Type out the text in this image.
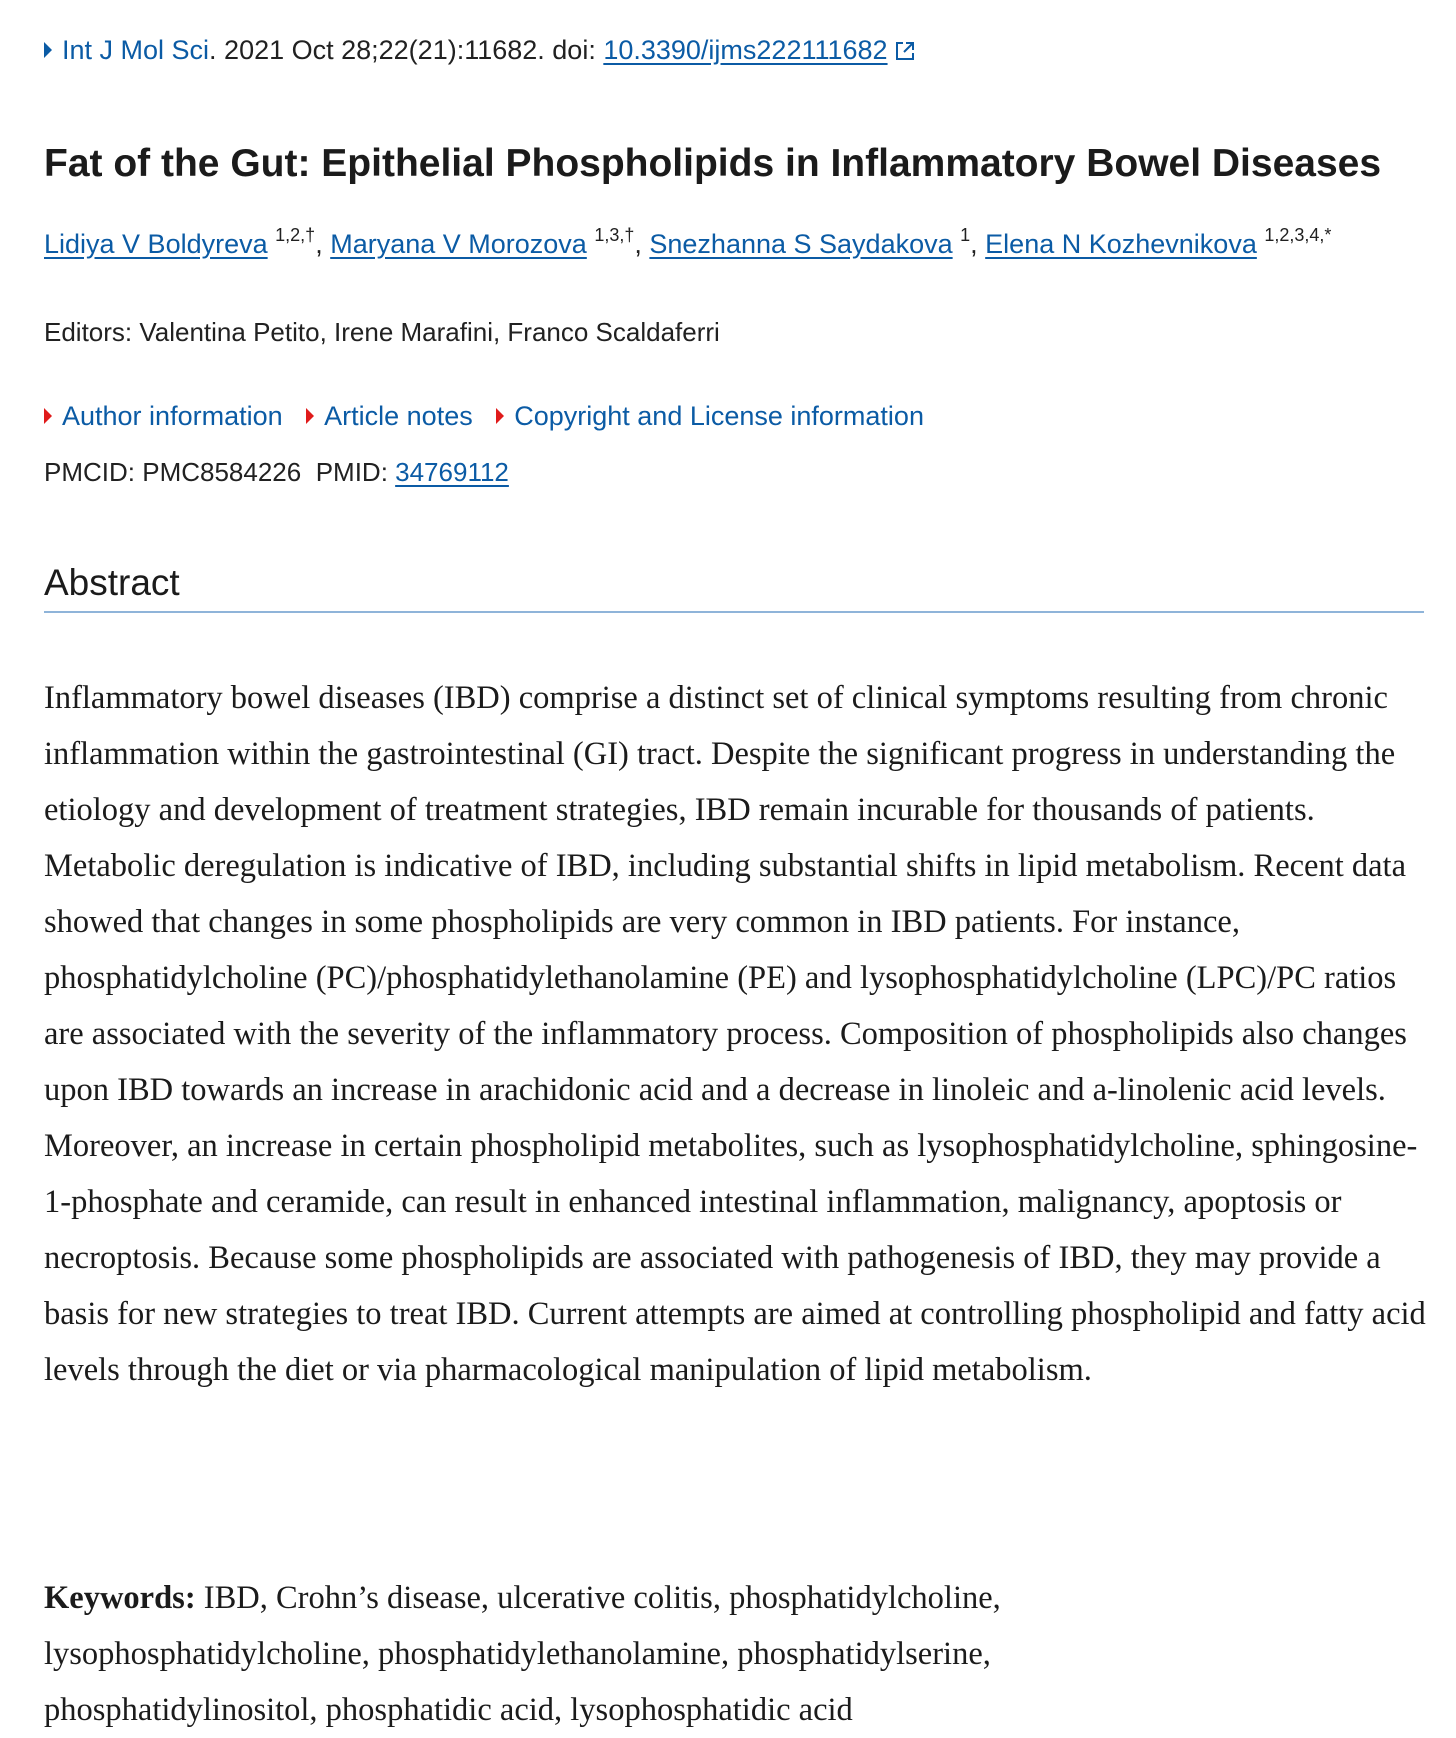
Int J Mol Sci. 2021 Oct 28;22(21):11682. doi: 10.3390/ijms222111682
Fat of the Gut: Epithelial Phospholipids in Inflammatory Bowel Diseases
Lidiya V Boldyreva $^{1,2,\dagger}$, Maryana V Morozova $^{1,3,\dagger}$, Snezhanna S Saydakova $^1$, Elena N Kozhevnikova $^{1,2,3,4,*}$
Editors: Valentina Petito, Irene Marafini, Franco Scaldaferri
Author information Article notes Copyright and License information
PMCID: PMC8584226 PMID: 34769112
Abstract

Inflammatory bowel diseases (IBD) comprise a distinct set of clinical symptoms resulting from chronic inflammation within the gastrointestinal (GI) tract. Despite the significant progress in understanding the etiology and development of treatment strategies, IBD remain incurable for thousands of patients. Metabolic deregulation is indicative of IBD, including substantial shifts in lipid metabolism. Recent data showed that changes in some phospholipids are very common in IBD patients. For instance, phosphatidylcholine (PC)/phosphatidylethanolamine (PE) and lysophosphatidylcholine (LPC)/PC ratios are associated with the severity of the inflammatory process. Composition of phospholipids also changes upon IBD towards an increase in arachidonic acid and a decrease in linoleic and a-linolenic acid levels. Moreover, an increase in certain phospholipid metabolites, such as lysophosphatidylcholine, sphingosine-1-phosphate and ceramide, can result in enhanced intestinal inflammation, malignancy, apoptosis or necroptosis. Because some phospholipids are associated with pathogenesis of IBD, they may provide a basis for new strategies to treat IBD. Current attempts are aimed at controlling phospholipid and fatty acid levels through the diet or via pharmacological manipulation of lipid metabolism.

Keywords: IBD, Crohn’s disease, ulcerative colitis, phosphatidylcholine, lysophosphatidylcholine, phosphatidylethanolamine, phosphatidylserine, phosphatidylinositol, phosphatidic acid, lysophosphatidic acid
